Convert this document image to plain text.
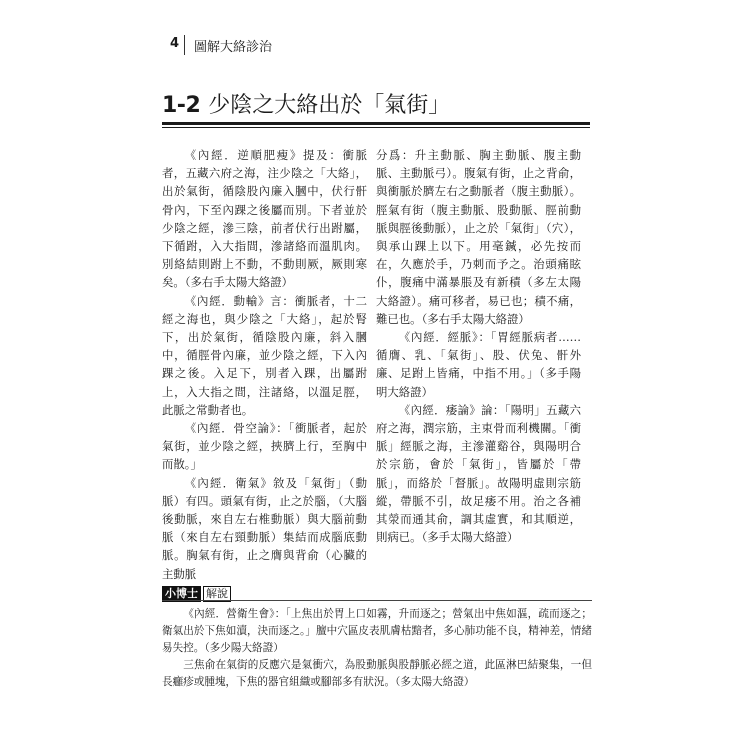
4 圖解大絡診治
1-2 少陰之大絡出於「氣街」

《內經．逆順肥瘦》提及：衝脈者，五藏六府之海，注少陰之「大絡」，出於氣街，循陰股內廉入膕中，伏行骭骨內，下至內踝之後屬而別。下者並於少陰之經，滲三陰，前者伏行出跗屬，下循跗，入大指間，滲諸絡而溫肌肉。別絡結則跗上不動，不動則厥，厥則寒矣。（多右手太陽大絡證）

《內經．動輸》言：衝脈者，十二經之海也，與少陰之「大絡」，起於腎下，出於氣街，循陰股內廉，斜入膕中，循脛骨內廉，並少陰之經，下入內踝之後。入足下，別者入踝，出屬跗上，入大指之間，注諸絡，以溫足脛，此脈之常動者也。

《內經．骨空論》：「衝脈者，起於氣街，並少陰之經，挾臍上行，至胸中而散。」

《內經．衛氣》敘及「氣街」（動脈）有四。頭氣有街，止之於腦，（大腦後動脈，來自左右椎動脈）與大腦前動脈（來自左右頸動脈）集結而成腦底動脈。胸氣有街，止之膺與背俞（心臟的主動脈

分爲：升主動脈、胸主動脈、腹主動脈、主動脈弓）。腹氣有街，止之背俞，與衝脈於臍左右之動脈者（腹主動脈）。脛氣有街（腹主動脈、股動脈、脛前動脈與脛後動脈），止之於「氣街」（穴），與承山踝上以下。用毫鍼，必先按而在，久應於手，乃刺而予之。治頭痛眩仆，腹痛中滿暴脹及有新積（多左太陽大絡證）。痛可移者，易已也；積不痛，難已也。（多右手太陽大絡證）

《內經．經脈》：「胃經脈病者……循膺、乳、「氣街」、股、伏兔、骭外廉、足跗上皆痛，中指不用。」（多手陽明大絡證）

《內經．痿論》論：「陽明」五藏六府之海，潤宗筋，主束骨而利機關。「衝脈」經脈之海，主滲灌谿谷，與陽明合於宗筋，會於「氣街」，皆屬於「帶脈」，而絡於「督脈」。故陽明虛則宗筋縱，帶脈不引，故足痿不用。治之各補其滎而通其俞，調其虛實，和其順逆，則病已。（多手太陽大絡證）

小博士 解說

《內經．營衛生會》：「上焦出於胃上口如霧，升而逐之；營氣出中焦如漚，疏而逐之；衛氣出於下焦如瀆，決而逐之。」膻中穴區皮表肌膚枯黯者，多心肺功能不良，精神差，情緒易失控。（多少陽大絡證）

三焦俞在氣街的反應穴是氣衝穴，為股動脈與股靜脈必經之道，此區淋巴結聚集，一但長癰疹或腫塊，下焦的器官組織或腳部多有狀況。（多太陽大絡證）
